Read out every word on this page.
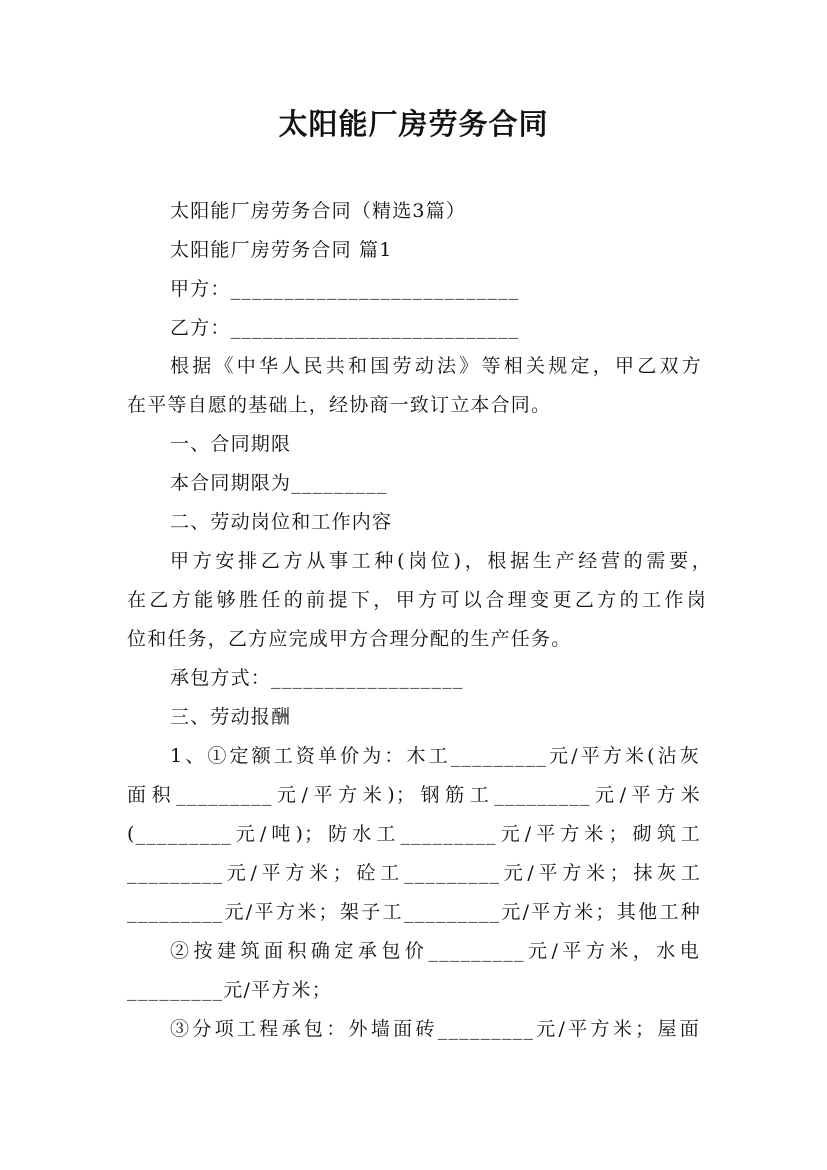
太阳能厂房劳务合同
太阳能厂房劳务合同（精选3篇）
太阳能厂房劳务合同 篇1
甲方：___________________________
乙方：___________________________
根据《中华人民共和国劳动法》等相关规定，甲乙双方
在平等自愿的基础上，经协商一致订立本合同。
一、合同期限
本合同期限为_________
二、劳动岗位和工作内容
甲方安排乙方从事工种(岗位)，根据生产经营的需要，
在乙方能够胜任的前提下，甲方可以合理变更乙方的工作岗
位和任务，乙方应完成甲方合理分配的生产任务。
承包方式：__________________
三、劳动报酬
1、①定额工资单价为：木工_________元/平方米(沾灰
面积_________元/平方米)；钢筋工_________元/平方米
(_________元/吨)；防水工_________元/平方米；砌筑工
_________元/平方米；砼工_________元/平方米；抹灰工
_________元/平方米；架子工_________元/平方米；其他工种
②按建筑面积确定承包价_________元/平方米，水电
_________元/平方米；
③分项工程承包：外墙面砖_________元/平方米；屋面
